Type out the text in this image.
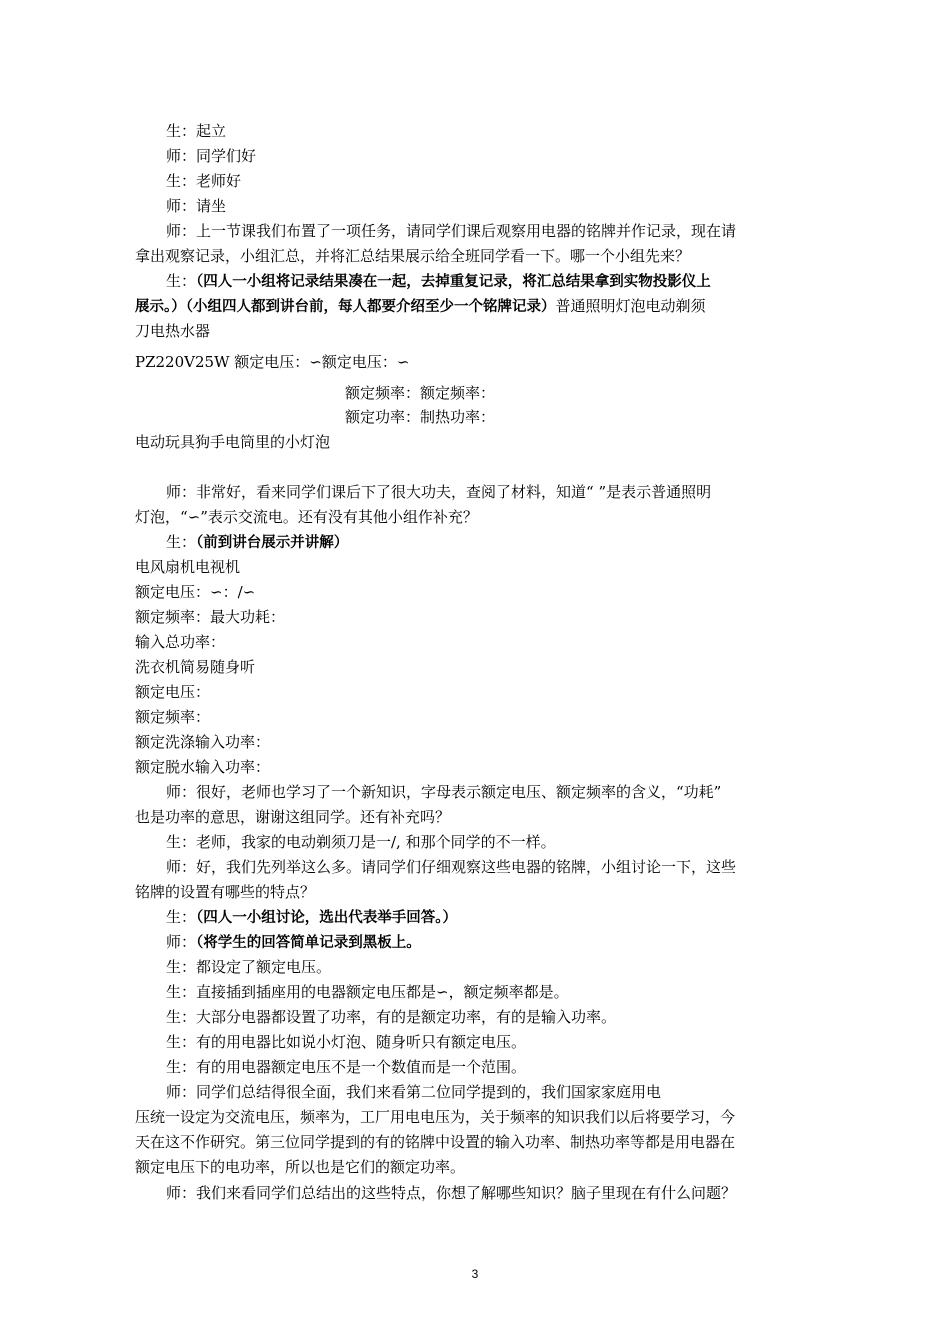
生：起立
师：同学们好
生：老师好
师：请坐
师：上一节课我们布置了一项任务，请同学们课后观察用电器的铭牌并作记录，现在请
拿出观察记录，小组汇总，并将汇总结果展示给全班同学看一下。哪一个小组先来？
生：（四人一小组将记录结果凑在一起，去掉重复记录，将汇总结果拿到实物投影仪上
展示。）（小组四人都到讲台前，每人都要介绍至少一个铭牌记录）普通照明灯泡电动剃须
刀电热水器
PZ220V25W 额定电压：∽额定电压：∽
额定频率：额定频率：
额定功率：制热功率：
电动玩具狗手电筒里的小灯泡
师：非常好，看来同学们课后下了很大功夫，查阅了材料，知道“ ”是表示普通照明
灯泡，“∽”表示交流电。还有没有其他小组作补充？
生：（前到讲台展示并讲解）
电风扇机电视机
额定电压：∽：/∽
额定频率：最大功耗：
输入总功率：
洗衣机简易随身听
额定电压：
额定频率：
额定洗涤输入功率：
额定脱水输入功率：
师：很好，老师也学习了一个新知识，字母表示额定电压、额定频率的含义，“功耗”
也是功率的意思，谢谢这组同学。还有补充吗？
生：老师，我家的电动剃须刀是一/, 和那个同学的不一样。
师：好，我们先列举这么多。请同学们仔细观察这些电器的铭牌，小组讨论一下，这些
铭牌的设置有哪些的特点？
生：（四人一小组讨论，选出代表举手回答。）
师：（将学生的回答简单记录到黑板上。
生：都设定了额定电压。
生：直接插到插座用的电器额定电压都是∽，额定频率都是。
生：大部分电器都设置了功率，有的是额定功率，有的是输入功率。
生：有的用电器比如说小灯泡、随身听只有额定电压。
生：有的用电器额定电压不是一个数值而是一个范围。
师：同学们总结得很全面，我们来看第二位同学提到的，我们国家家庭用电
压统一设定为交流电压，频率为，工厂用电电压为，关于频率的知识我们以后将要学习，今
天在这不作研究。第三位同学提到的有的铭牌中设置的输入功率、制热功率等都是用电器在
额定电压下的电功率，所以也是它们的额定功率。
师：我们来看同学们总结出的这些特点，你想了解哪些知识？脑子里现在有什么问题？
3
